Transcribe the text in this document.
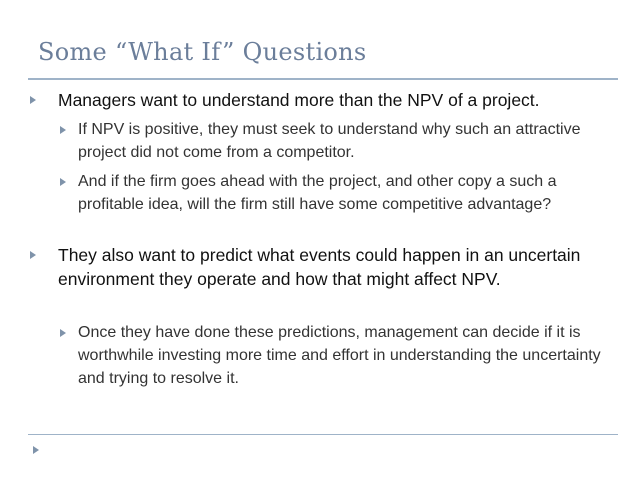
Some “What If” Questions
Managers want to understand more than the NPV of a project.
If NPV is positive, they must seek to understand why such an attractive project did not come from a competitor.
And if the firm goes ahead with the project, and other copy a such a profitable idea, will the firm still have some competitive advantage?
They also want to predict what events could happen in an uncertain environment they operate and how that might affect NPV.
Once they have done these predictions, management can decide if it is worthwhile investing more time and effort in understanding the uncertainty and trying to resolve it.
